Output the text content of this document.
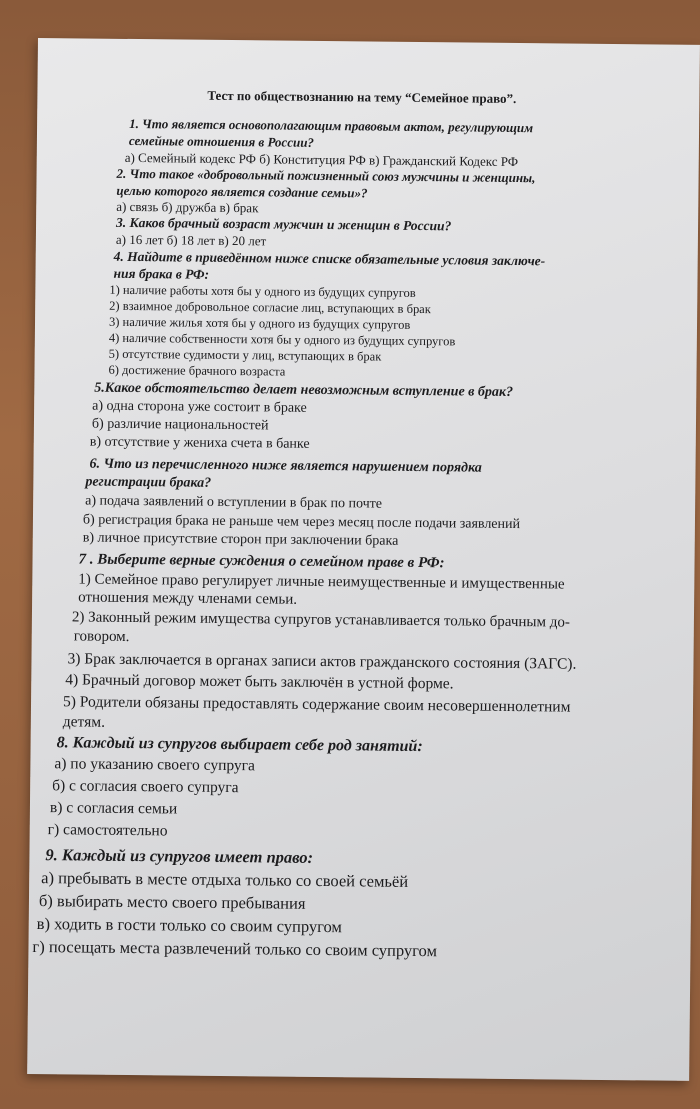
Тест по обществознанию на тему “Семейное право”.
1. Что является основополагающим правовым актом, регулирующим
семейные отношения в России?
а) Семейный кодекс РФ б) Конституция РФ в) Гражданский Кодекс РФ
2. Что такое «добровольный пожизненный союз мужчины и женщины,
целью которого является создание семьи»?
а) связь б) дружба в) брак
3. Каков брачный возраст мужчин и женщин в России?
а) 16 лет б) 18 лет в) 20 лет
4. Найдите в приведённом ниже списке обязательные условия заключе-
ния брака в РФ:
1) наличие работы хотя бы у одного из будущих супругов
2) взаимное добровольное согласие лиц, вступающих в брак
3) наличие жилья хотя бы у одного из будущих супругов
4) наличие собственности хотя бы у одного из будущих супругов
5) отсутствие судимости у лиц, вступающих в брак
6) достижение брачного возраста
5.Какое обстоятельство делает невозможным вступление в брак?
а) одна сторона уже состоит в браке
б) различие национальностей
в) отсутствие у жениха счета в банке
6. Что из перечисленного ниже является нарушением порядка
регистрации брака?
а) подача заявлений о вступлении в брак по почте
б) регистрация брака не раньше чем через месяц после подачи заявлений
в) личное присутствие сторон при заключении брака
7 . Выберите верные суждения о семейном праве в РФ:
1) Семейное право регулирует личные неимущественные и имущественные
отношения между членами семьи.
2) Законный режим имущества супругов устанавливается только брачным до-
говором.
3) Брак заключается в органах записи актов гражданского состояния (ЗАГС).
4) Брачный договор может быть заключён в устной форме.
5) Родители обязаны предоставлять содержание своим несовершеннолетним
детям.
8. Каждый из супругов выбирает себе род занятий:
а) по указанию своего супруга
б) с согласия своего супруга
в) с согласия семьи
г) самостоятельно
9. Каждый из супругов имеет право:
а) пребывать в месте отдыха только со своей семьёй
б) выбирать место своего пребывания
в) ходить в гости только со своим супругом
г) посещать места развлечений только со своим супругом
